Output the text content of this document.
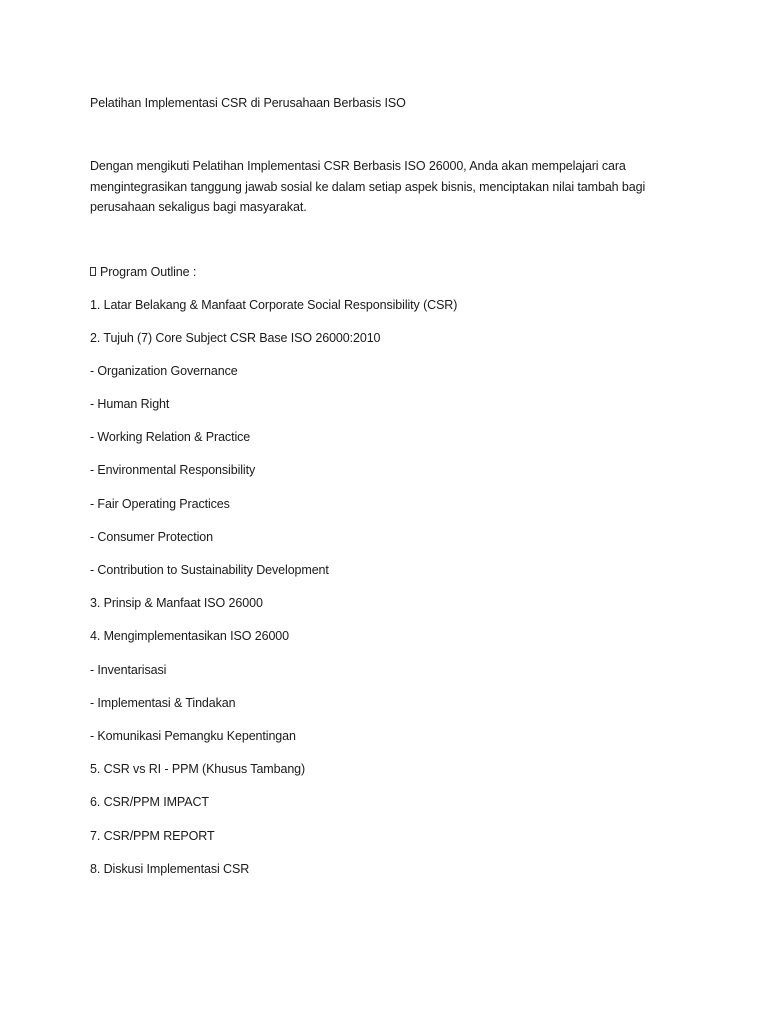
Pelatihan Implementasi CSR di Perusahaan Berbasis ISO

Dengan mengikuti Pelatihan Implementasi CSR Berbasis ISO 26000, Anda akan mempelajari cara mengintegrasikan tanggung jawab sosial ke dalam setiap aspek bisnis, menciptakan nilai tambah bagi perusahaan sekaligus bagi masyarakat.

Program Outline :

1. Latar Belakang & Manfaat Corporate Social Responsibility (CSR)
2. Tujuh (7) Core Subject CSR Base ISO 26000:2010
- Organization Governance
- Human Right
- Working Relation & Practice
- Environmental Responsibility
- Fair Operating Practices
- Consumer Protection
- Contribution to Sustainability Development
3. Prinsip & Manfaat ISO 26000
4. Mengimplementasikan ISO 26000
- Inventarisasi
- Implementasi & Tindakan
- Komunikasi Pemangku Kepentingan
5. CSR vs RI - PPM (Khusus Tambang)
6. CSR/PPM IMPACT
7. CSR/PPM REPORT
8. Diskusi Implementasi CSR
